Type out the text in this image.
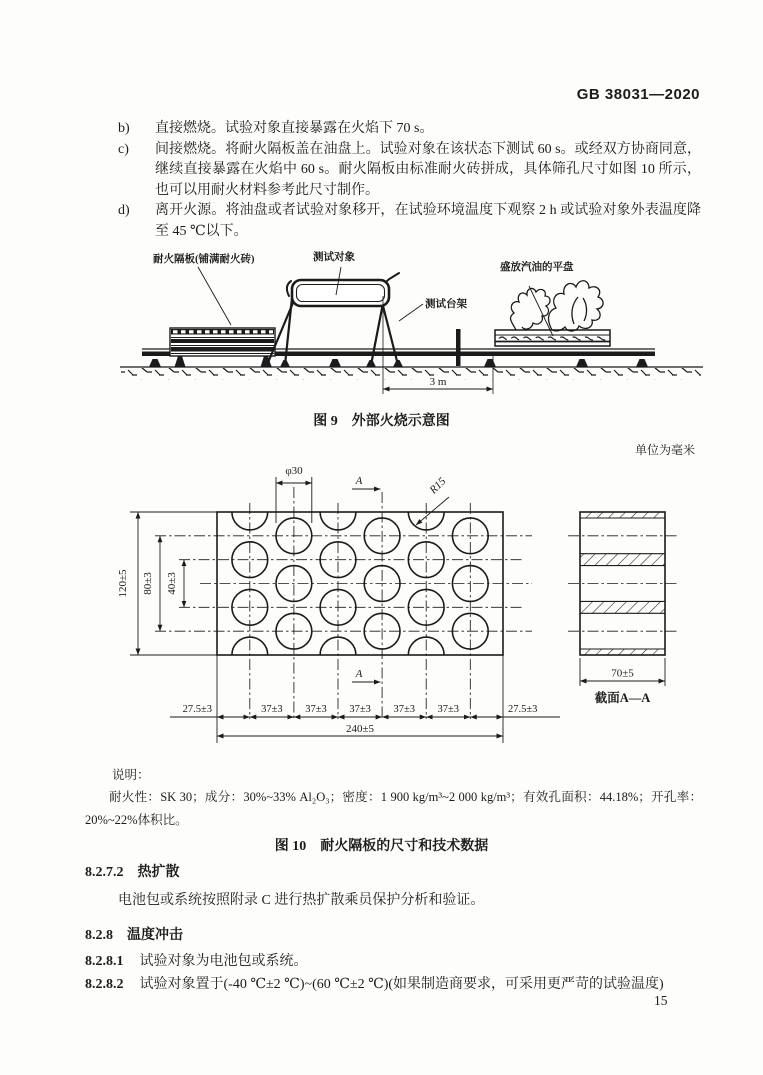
GB 38031—2020
b) 直接燃烧。试验对象直接暴露在火焰下 70 s。
c) 间接燃烧。将耐火隔板盖在油盘上。试验对象在该状态下测试 60 s。或经双方协商同意，继续直接暴露在火焰中 60 s。耐火隔板由标准耐火砖拼成，具体筛孔尺寸如图 10 所示，也可以用耐火材料参考此尺寸制作。
d) 离开火源。将油盘或者试验对象移开，在试验环境温度下观察 2 h 或试验对象外表温度降至 45 ℃以下。
耐火隔板(铺满耐火砖)	测试对象
测试台架
盛放汽油的平盘
3 m
图 9　外部火烧示意图
单位为毫米
φ30
A
A
R15
120±5 80±3 40±3
27.5±3	37±3 37±3 37±3 37±3 37±3	27.5±3
240±5
70±5
截面A—A
说明：
耐火性：SK 30；成分：30%~33% Al₂O₃；密度：1 900 kg/m³~2 000 kg/m³；有效孔面积：44.18%；开孔率：20%~22%体积比。
图 10　耐火隔板的尺寸和技术数据
8.2.7.2 热扩散
电池包或系统按照附录 C 进行热扩散乘员保护分析和验证。
8.2.8 温度冲击
8.2.8.1 试验对象为电池包或系统。
8.2.8.2 试验对象置于(-40 ℃±2 ℃)~(60 ℃±2 ℃)(如果制造商要求，可采用更严苛的试验温度)
15
